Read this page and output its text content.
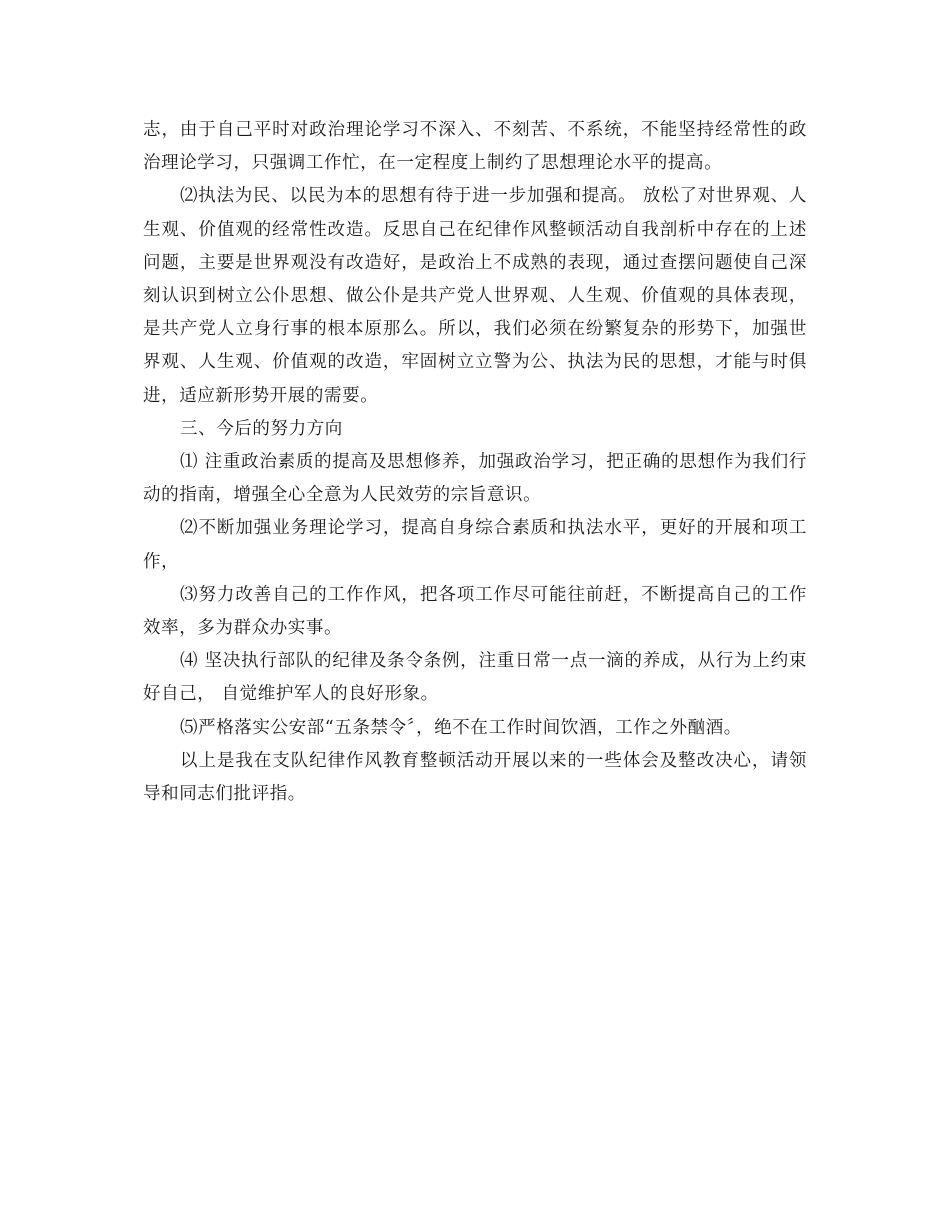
志，由于自己平时对政治理论学习不深入、不刻苦、不系统，不能坚持经常性的政治理论学习，只强调工作忙，在一定程度上制约了思想理论水平的提高。

⑵执法为民、以民为本的思想有待于进一步加强和提高。 放松了对世界观、人生观、价值观的经常性改造。反思自己在纪律作风整顿活动自我剖析中存在的上述问题，主要是世界观没有改造好，是政治上不成熟的表现，通过查摆问题使自己深刻认识到树立公仆思想、做公仆是共产党人世界观、人生观、价值观的具体表现，是共产党人立身行事的根本原那么。所以，我们必须在纷繁复杂的形势下，加强世界观、人生观、价值观的改造，牢固树立立警为公、执法为民的思想，才能与时俱进，适应新形势开展的需要。

三、今后的努力方向

⑴ 注重政治素质的提高及思想修养，加强政治学习，把正确的思想作为我们行动的指南，增强全心全意为人民效劳的宗旨意识。

⑵不断加强业务理论学习，提高自身综合素质和执法水平，更好的开展和项工作，

⑶努力改善自己的工作作风，把各项工作尽可能往前赶，不断提高自己的工作效率，多为群众办实事。

⑷ 坚决执行部队的纪律及条令条例，注重日常一点一滴的养成，从行为上约束好自己， 自觉维护军人的良好形象。

⑸严格落实公安部“五条禁令〞，绝不在工作时间饮酒，工作之外酗酒。

以上是我在支队纪律作风教育整顿活动开展以来的一些体会及整改决心，请领导和同志们批评指。
